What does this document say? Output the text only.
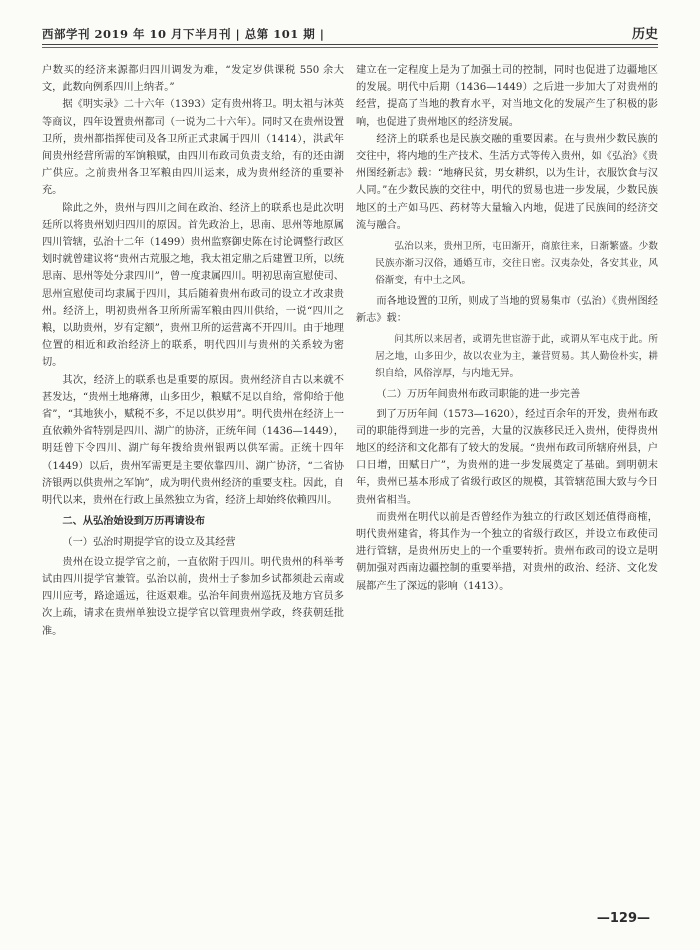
西部学刊 2019 年 10 月下半月刊 | 总第 101 期 |	历史

户数买的经济来源都归四川调发为难，“发定岁供课税 550 余大文，此数向例系四川上纳者。”

据《明实录》二十六年（1393）定有贵州将卫。明太祖与沐英等商议，四年设置贵州都司（一说为二十六年）。同时又在贵州设置卫所，贵州都指挥使司及各卫所正式隶属于四川（1414），洪武年间贵州经营所需的军饷粮赋，由四川布政司负责支给，有的还由湖广供应。之前贵州各卫军粮由四川运来，成为贵州经济的重要补充。

除此之外，贵州与四川之间在政治、经济上的联系也是此次明廷所以将贵州划归四川的原因。首先政治上，思南、思州等地原属四川管辖，弘治十二年（1499）贵州监察御史陈在讨论调整行政区划时就曾建议将“贵州古荒服之地，我太祖定鼎之后建置卫所，以统思南、思州等处分隶四川”，曾一度隶属四川。明初思南宣慰使司、思州宣慰使司均隶属于四川，其后随着贵州布政司的设立才改隶贵州。经济上，明初贵州各卫所所需军粮由四川供给，一说“四川之粮，以助贵州，岁有定额”，贵州卫所的运营离不开四川。由于地理位置的相近和政治经济上的联系，明代四川与贵州的关系较为密切。

其次，经济上的联系也是重要的原因。贵州经济自古以来就不甚发达，“贵州土地瘠薄，山多田少，粮赋不足以自给，常仰给于他省”，“其地狭小，赋税不多，不足以供岁用”。明代贵州在经济上一直依赖外省特别是四川、湖广的协济，正统年间（1436—1449），明廷曾下令四川、湖广每年拨给贵州银两以供军需。正统十四年（1449）以后，贵州军需更是主要依靠四川、湖广协济，“二省协济银两以供贵州之军饷”，成为明代贵州经济的重要支柱。因此，自明代以来，贵州在行政上虽然独立为省，经济上却始终依赖四川。

二、从弘治始设到万历再请设布

（一）弘治时期提学官的设立及其经营

贵州在设立提学官之前，一直依附于四川。明代贵州的科举考试由四川提学官兼管。弘治以前，贵州士子参加乡试都须赴云南或四川应考，路途遥远，往返艰难。弘治年间贵州巡抚及地方官员多次上疏，请求在贵州单独设立提学官以管理贵州学政，终获朝廷批准。

建立在一定程度上是为了加强土司的控制，同时也促进了边疆地区的发展。明代中后期（1436—1449）之后进一步加大了对贵州的经营，提高了当地的教育水平，对当地文化的发展产生了积极的影响，也促进了贵州地区的经济发展。

经济上的联系也是民族交融的重要因素。在与贵州少数民族的交往中，将内地的生产技术、生活方式等传入贵州，如《弘治》《贵州图经新志》载：“地瘠民贫，男女耕织，以为生计，衣服饮食与汉人同。”在少数民族的交往中，明代的贸易也进一步发展，少数民族地区的土产如马匹、药材等大量输入内地，促进了民族间的经济交流与融合。

弘治以来，贵州卫所，屯田渐开，商旅往来，日渐繁盛。少数民族亦渐习汉俗，通婚互市，交往日密。汉夷杂处，各安其业，风俗渐变，有中土之风。

而各地设置的卫所，则成了当地的贸易集市（弘治）《贵州图经新志》载：

问其所以来居者，或谓先世宦游于此，或谓从军屯戍于此。所居之地，山多田少，故以农业为主，兼营贸易。其人勤俭朴实，耕织自给，风俗淳厚，与内地无异。

（二）万历年间贵州布政司职能的进一步完善

到了万历年间（1573—1620），经过百余年的开发，贵州布政司的职能得到进一步的完善，大量的汉族移民迁入贵州，使得贵州地区的经济和文化都有了较大的发展。“贵州布政司所辖府州县，户口日增，田赋日广”，为贵州的进一步发展奠定了基础。到明朝末年，贵州已基本形成了省级行政区的规模，其管辖范围大致与今日贵州省相当。

而贵州在明代以前是否曾经作为独立的行政区划还值得商榷，明代贵州建省，将其作为一个独立的省级行政区，并设立布政使司进行管辖，是贵州历史上的一个重要转折。贵州布政司的设立是明朝加强对西南边疆控制的重要举措，对贵州的政治、经济、文化发展都产生了深远的影响（1413）。

—129—
